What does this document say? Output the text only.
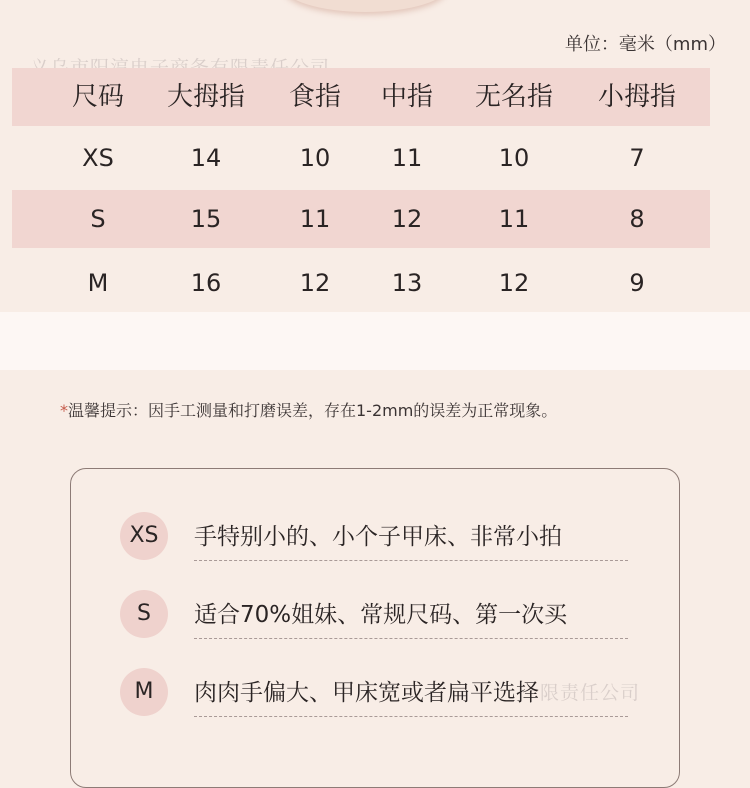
单位：毫米（mm）
尺码 大拇指 食指 中指 无名指 小拇指
XS	14	10	11	10	7
S	15	11	12	11	8
M	16	12	13	12	9
*温馨提示：因手工测量和打磨误差，存在1-2mm的误差为正常现象。
XS	手特别小的、小个子甲床、非常小拍
S	适合70%姐妹、常规尺码、第一次买
M	肉肉手偏大、甲床宽或者扁平选择 限责任公司
